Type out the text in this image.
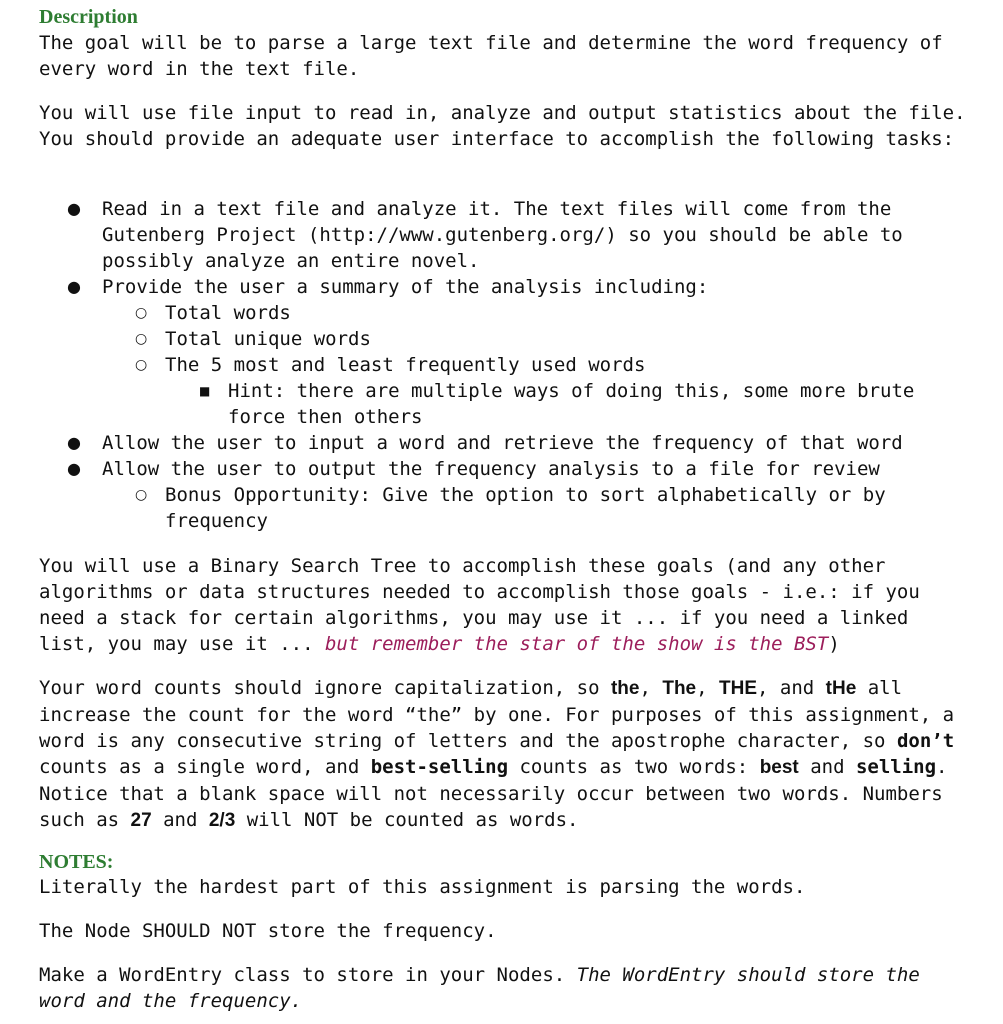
Description

The goal will be to parse a large text file and determine the word frequency of every word in the text file.

You will use file input to read in, analyze and output statistics about the file. You should provide an adequate user interface to accomplish the following tasks:

● Read in a text file and analyze it. The text files will come from the Gutenberg Project (http://www.gutenberg.org/) so you should be able to possibly analyze an entire novel.
● Provide the user a summary of the analysis including:
○ Total words
○ Total unique words
○ The 5 most and least frequently used words
■ Hint: there are multiple ways of doing this, some more brute force then others
● Allow the user to input a word and retrieve the frequency of that word
● Allow the user to output the frequency analysis to a file for review
○ Bonus Opportunity: Give the option to sort alphabetically or by frequency

You will use a Binary Search Tree to accomplish these goals (and any other algorithms or data structures needed to accomplish those goals - i.e.: if you need a stack for certain algorithms, you may use it ... if you need a linked list, you may use it ... but remember the star of the show is the BST)

Your word counts should ignore capitalization, so the, The, THE, and tHe all increase the count for the word “the” by one. For purposes of this assignment, a word is any consecutive string of letters and the apostrophe character, so don’t counts as a single word, and best-selling counts as two words: best and selling. Notice that a blank space will not necessarily occur between two words. Numbers such as 27 and 2/3 will NOT be counted as words.

NOTES:

Literally the hardest part of this assignment is parsing the words.

The Node SHOULD NOT store the frequency.

Make a WordEntry class to store in your Nodes. The WordEntry should store the word and the frequency.
